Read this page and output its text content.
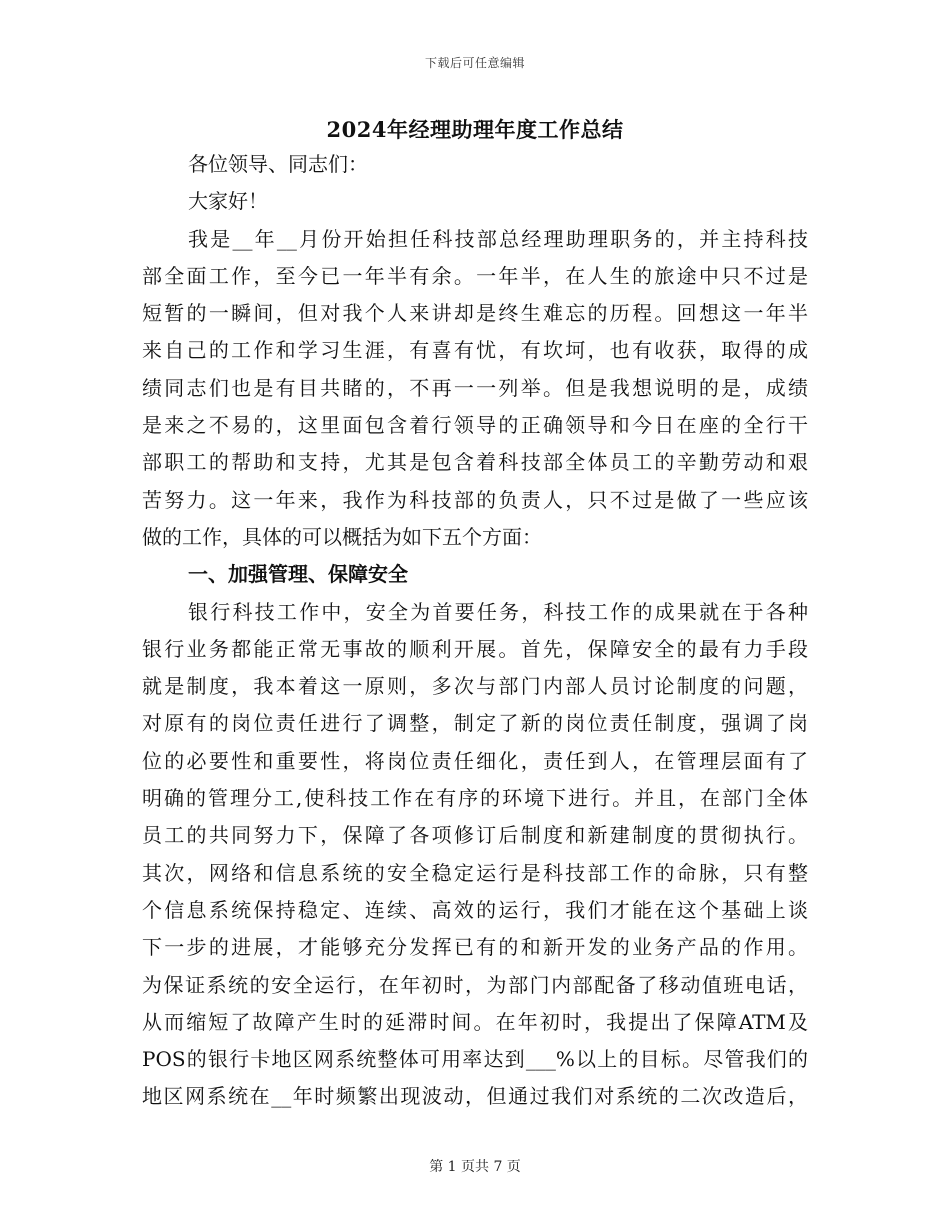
下载后可任意编辑
2024年经理助理年度工作总结
各位领导、同志们：
大家好！
我是__年__月份开始担任科技部总经理助理职务的，并主持科技
部全面工作，至今已一年半有余。一年半，在人生的旅途中只不过是
短暂的一瞬间，但对我个人来讲却是终生难忘的历程。回想这一年半
来自己的工作和学习生涯，有喜有忧，有坎坷，也有收获，取得的成
绩同志们也是有目共睹的，不再一一列举。但是我想说明的是，成绩
是来之不易的，这里面包含着行领导的正确领导和今日在座的全行干
部职工的帮助和支持，尤其是包含着科技部全体员工的辛勤劳动和艰
苦努力。这一年来，我作为科技部的负责人，只不过是做了一些应该
做的工作，具体的可以概括为如下五个方面：
一、加强管理、保障安全
银行科技工作中，安全为首要任务，科技工作的成果就在于各种
银行业务都能正常无事故的顺利开展。首先，保障安全的最有力手段
就是制度，我本着这一原则，多次与部门内部人员讨论制度的问题，
对原有的岗位责任进行了调整，制定了新的岗位责任制度，强调了岗
位的必要性和重要性，将岗位责任细化，责任到人，在管理层面有了
明确的管理分工,使科技工作在有序的环境下进行。并且，在部门全体
员工的共同努力下，保障了各项修订后制度和新建制度的贯彻执行。
其次，网络和信息系统的安全稳定运行是科技部工作的命脉，只有整
个信息系统保持稳定、连续、高效的运行，我们才能在这个基础上谈
下一步的进展，才能够充分发挥已有的和新开发的业务产品的作用。
为保证系统的安全运行，在年初时，为部门内部配备了移动值班电话，
从而缩短了故障产生时的延滞时间。在年初时，我提出了保障ATM及
POS的银行卡地区网系统整体可用率达到___%以上的目标。尽管我们的
地区网系统在__年时频繁出现波动，但通过我们对系统的二次改造后，
第 1 页共 7 页
